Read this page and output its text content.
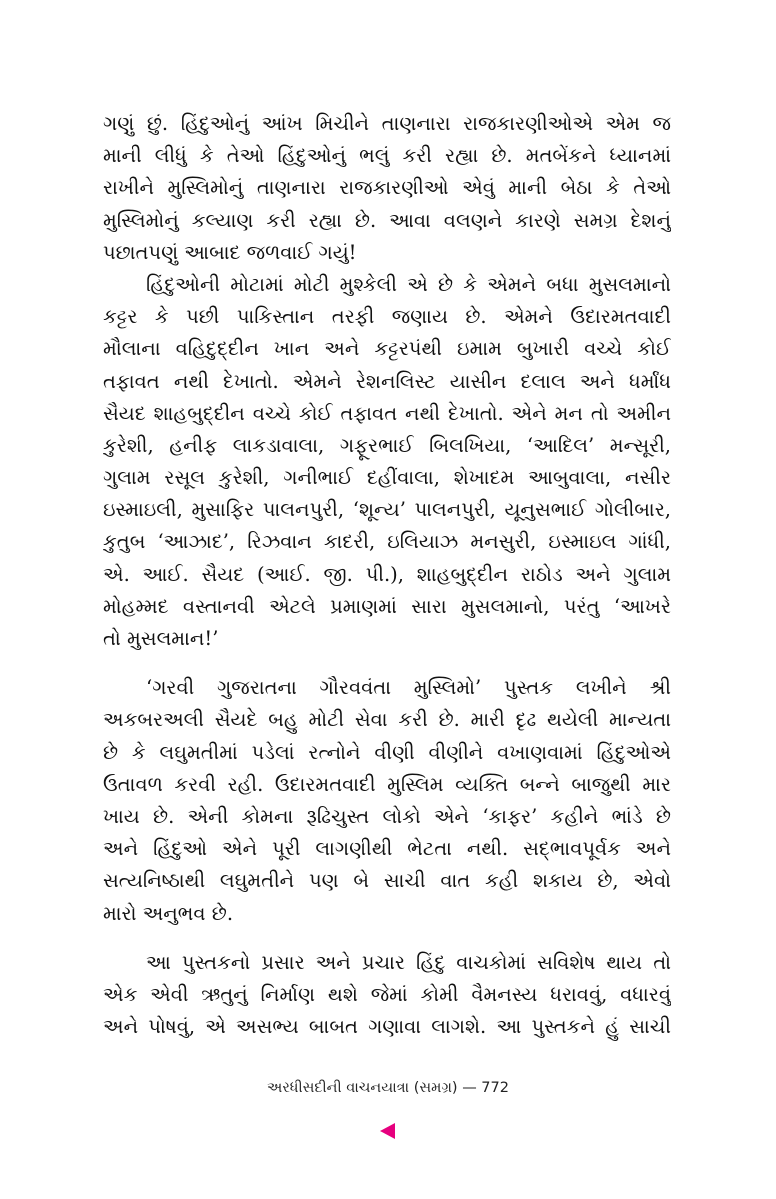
ગણું છું. હિંદુઓનું આંખ મિચીને તાણનારા રાજકારણીઓએ એમ જ
માની લીધું કે તેઓ હિંદુઓનું ભલું કરી રહ્યા છે. મતબેંકને ધ્યાનમાં
રાખીને મુસ્લિમોનું તાણનારા રાજકારણીઓ એવું માની બેઠા કે તેઓ
મુસ્લિમોનું કલ્યાણ કરી રહ્યા છે. આવા વલણને કારણે સમગ્ર દેશનું
પછાતપણું આબાદ જળવાઈ ગયું!
હિંદુઓની મોટામાં મોટી મુશ્કેલી એ છે કે એમને બધા મુસલમાનો
કટ્ટર કે પછી પાકિસ્તાન તરફી જણાય છે. એમને ઉદારમતવાદી
મૌલાના વહિદુદ્દીન ખાન અને કટ્ટરપંથી ઇમામ બુખારી વચ્ચે કોઈ
તફાવત નથી દેખાતો. એમને રેશનલિસ્ટ યાસીન દલાલ અને ધર્માંધ
સૈયદ શાહબુદ્દીન વચ્ચે કોઈ તફાવત નથી દેખાતો. એને મન તો અમીન
કુરેશી, હનીફ લાકડાવાલા, ગફૂરભાઈ બિલખિયા, ‘આદિલ’ મન્સૂરી,
ગુલામ રસૂલ કુરેશી, ગનીભાઈ દહીંવાલા, શેખાદમ આબુવાલા, નસીર
ઇસ્માઇલી, મુસાફિર પાલનપુરી, ‘શૂન્ય’ પાલનપુરી, યૂનુસભાઈ ગોલીબાર,
કુતુબ ‘આઝાદ’, રિઝવાન કાદરી, ઇલિયાઝ મનસુરી, ઇસ્માઇલ ગાંધી,
એ. આઈ. સૈયદ (આઈ. જી. પી.), શાહબુદ્દીન રાઠોડ અને ગુલામ
મોહમ્મદ વસ્તાનવી એટલે પ્રમાણમાં સારા મુસલમાનો, પરંતુ ‘આખરે
તો મુસલમાન!’
‘ગરવી ગુજરાતના ગૌરવવંતા મુસ્લિમો’ પુસ્તક લખીને શ્રી
અકબરઅલી સૈયદે બહુ મોટી સેવા કરી છે. મારી દૃઢ થયેલી માન્યતા
છે કે લઘુમતીમાં પડેલાં રત્નોને વીણી વીણીને વખાણવામાં હિંદુઓએ
ઉતાવળ કરવી રહી. ઉદારમતવાદી મુસ્લિમ વ્યક્તિ બન્ને બાજુથી માર
ખાય છે. એની કોમના રૂઢિચુસ્ત લોકો એને ‘કાફર’ કહીને ભાંડે છે
અને હિંદુઓ એને પૂરી લાગણીથી ભેટતા નથી. સદ્‌ભાવપૂર્વક અને
સત્યનિષ્ઠાથી લઘુમતીને પણ બે સાચી વાત કહી શકાય છે, એવો
મારો અનુભવ છે.
આ પુસ્તકનો પ્રસાર અને પ્રચાર હિંદુ વાચકોમાં સવિશેષ થાય તો
એક એવી ઋતુનું નિર્માણ થશે જેમાં કોમી વૈમનસ્ય ધરાવવું, વધારવું
અને પોષવું, એ અસભ્ય બાબત ગણાવા લાગશે. આ પુસ્તકને હું સાચી
અરધીસદીની વાચનયાત્રા (સમગ્ર) — 772
